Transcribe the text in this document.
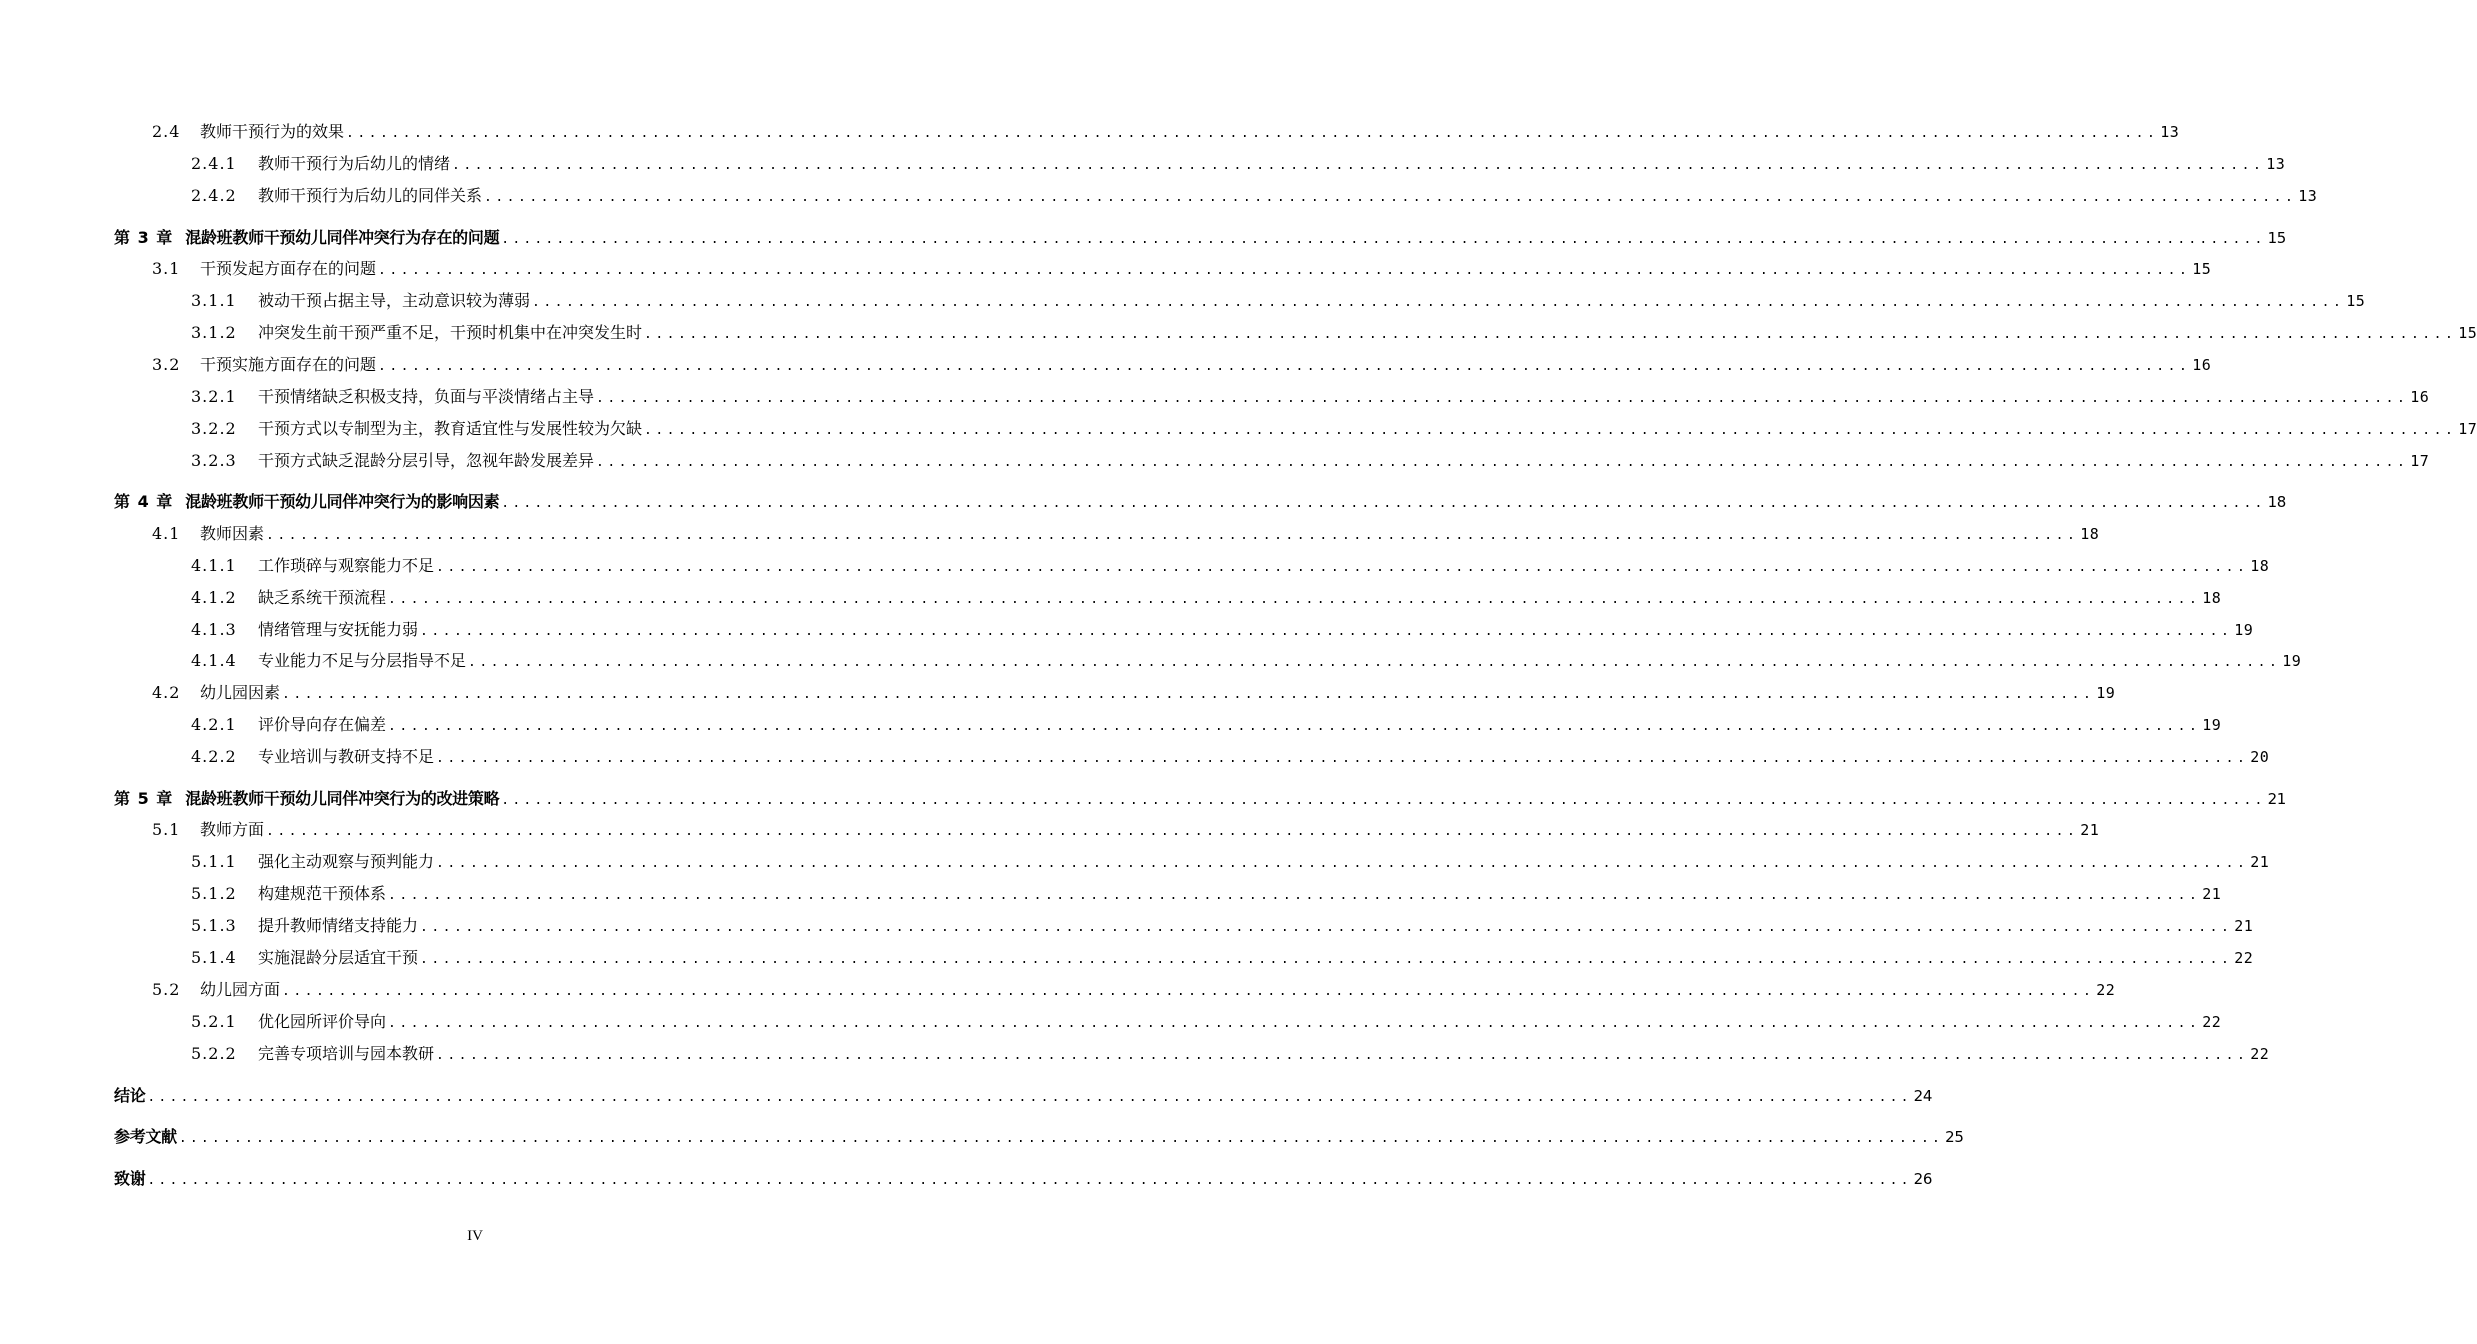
2.4	教师干预行为的效果 ................................................................................................................................................................ 13
2.4.1	教师干预行为后幼儿的情绪 ................................................................................................................................................................ 13
2.4.2	教师干预行为后幼儿的同伴关系 ................................................................................................................................................................ 13
第 3 章 混龄班教师干预幼儿同伴冲突行为存在的问题 ................................................................................................................................................................ 15
3.1	干预发起方面存在的问题 ................................................................................................................................................................ 15
3.1.1	被动干预占据主导，主动意识较为薄弱 ................................................................................................................................................................ 15
3.1.2	冲突发生前干预严重不足，干预时机集中在冲突发生时 ................................................................................................................................................................ 15
3.2	干预实施方面存在的问题 ................................................................................................................................................................ 16
3.2.1	干预情绪缺乏积极支持，负面与平淡情绪占主导 ................................................................................................................................................................ 16
3.2.2	干预方式以专制型为主，教育适宜性与发展性较为欠缺 ................................................................................................................................................................ 17
3.2.3	干预方式缺乏混龄分层引导，忽视年龄发展差异 ................................................................................................................................................................ 17
第 4 章 混龄班教师干预幼儿同伴冲突行为的影响因素 ................................................................................................................................................................ 18
4.1	教师因素 ................................................................................................................................................................ 18
4.1.1	工作琐碎与观察能力不足 ................................................................................................................................................................ 18
4.1.2	缺乏系统干预流程 ................................................................................................................................................................ 18
4.1.3	情绪管理与安抚能力弱 ................................................................................................................................................................ 19
4.1.4	专业能力不足与分层指导不足 ................................................................................................................................................................ 19
4.2	幼儿园因素 ................................................................................................................................................................ 19
4.2.1	评价导向存在偏差 ................................................................................................................................................................ 19
4.2.2	专业培训与教研支持不足 ................................................................................................................................................................ 20
第 5 章 混龄班教师干预幼儿同伴冲突行为的改进策略 ................................................................................................................................................................ 21
5.1	教师方面 ................................................................................................................................................................ 21
5.1.1	强化主动观察与预判能力 ................................................................................................................................................................ 21
5.1.2	构建规范干预体系 ................................................................................................................................................................ 21
5.1.3	提升教师情绪支持能力 ................................................................................................................................................................ 21
5.1.4	实施混龄分层适宜干预 ................................................................................................................................................................ 22
5.2	幼儿园方面 ................................................................................................................................................................ 22
5.2.1	优化园所评价导向 ................................................................................................................................................................ 22
5.2.2	完善专项培训与园本教研 ................................................................................................................................................................ 22
结论 ................................................................................................................................................................ 24
参考文献 ................................................................................................................................................................ 25
致谢 ................................................................................................................................................................ 26
IV
